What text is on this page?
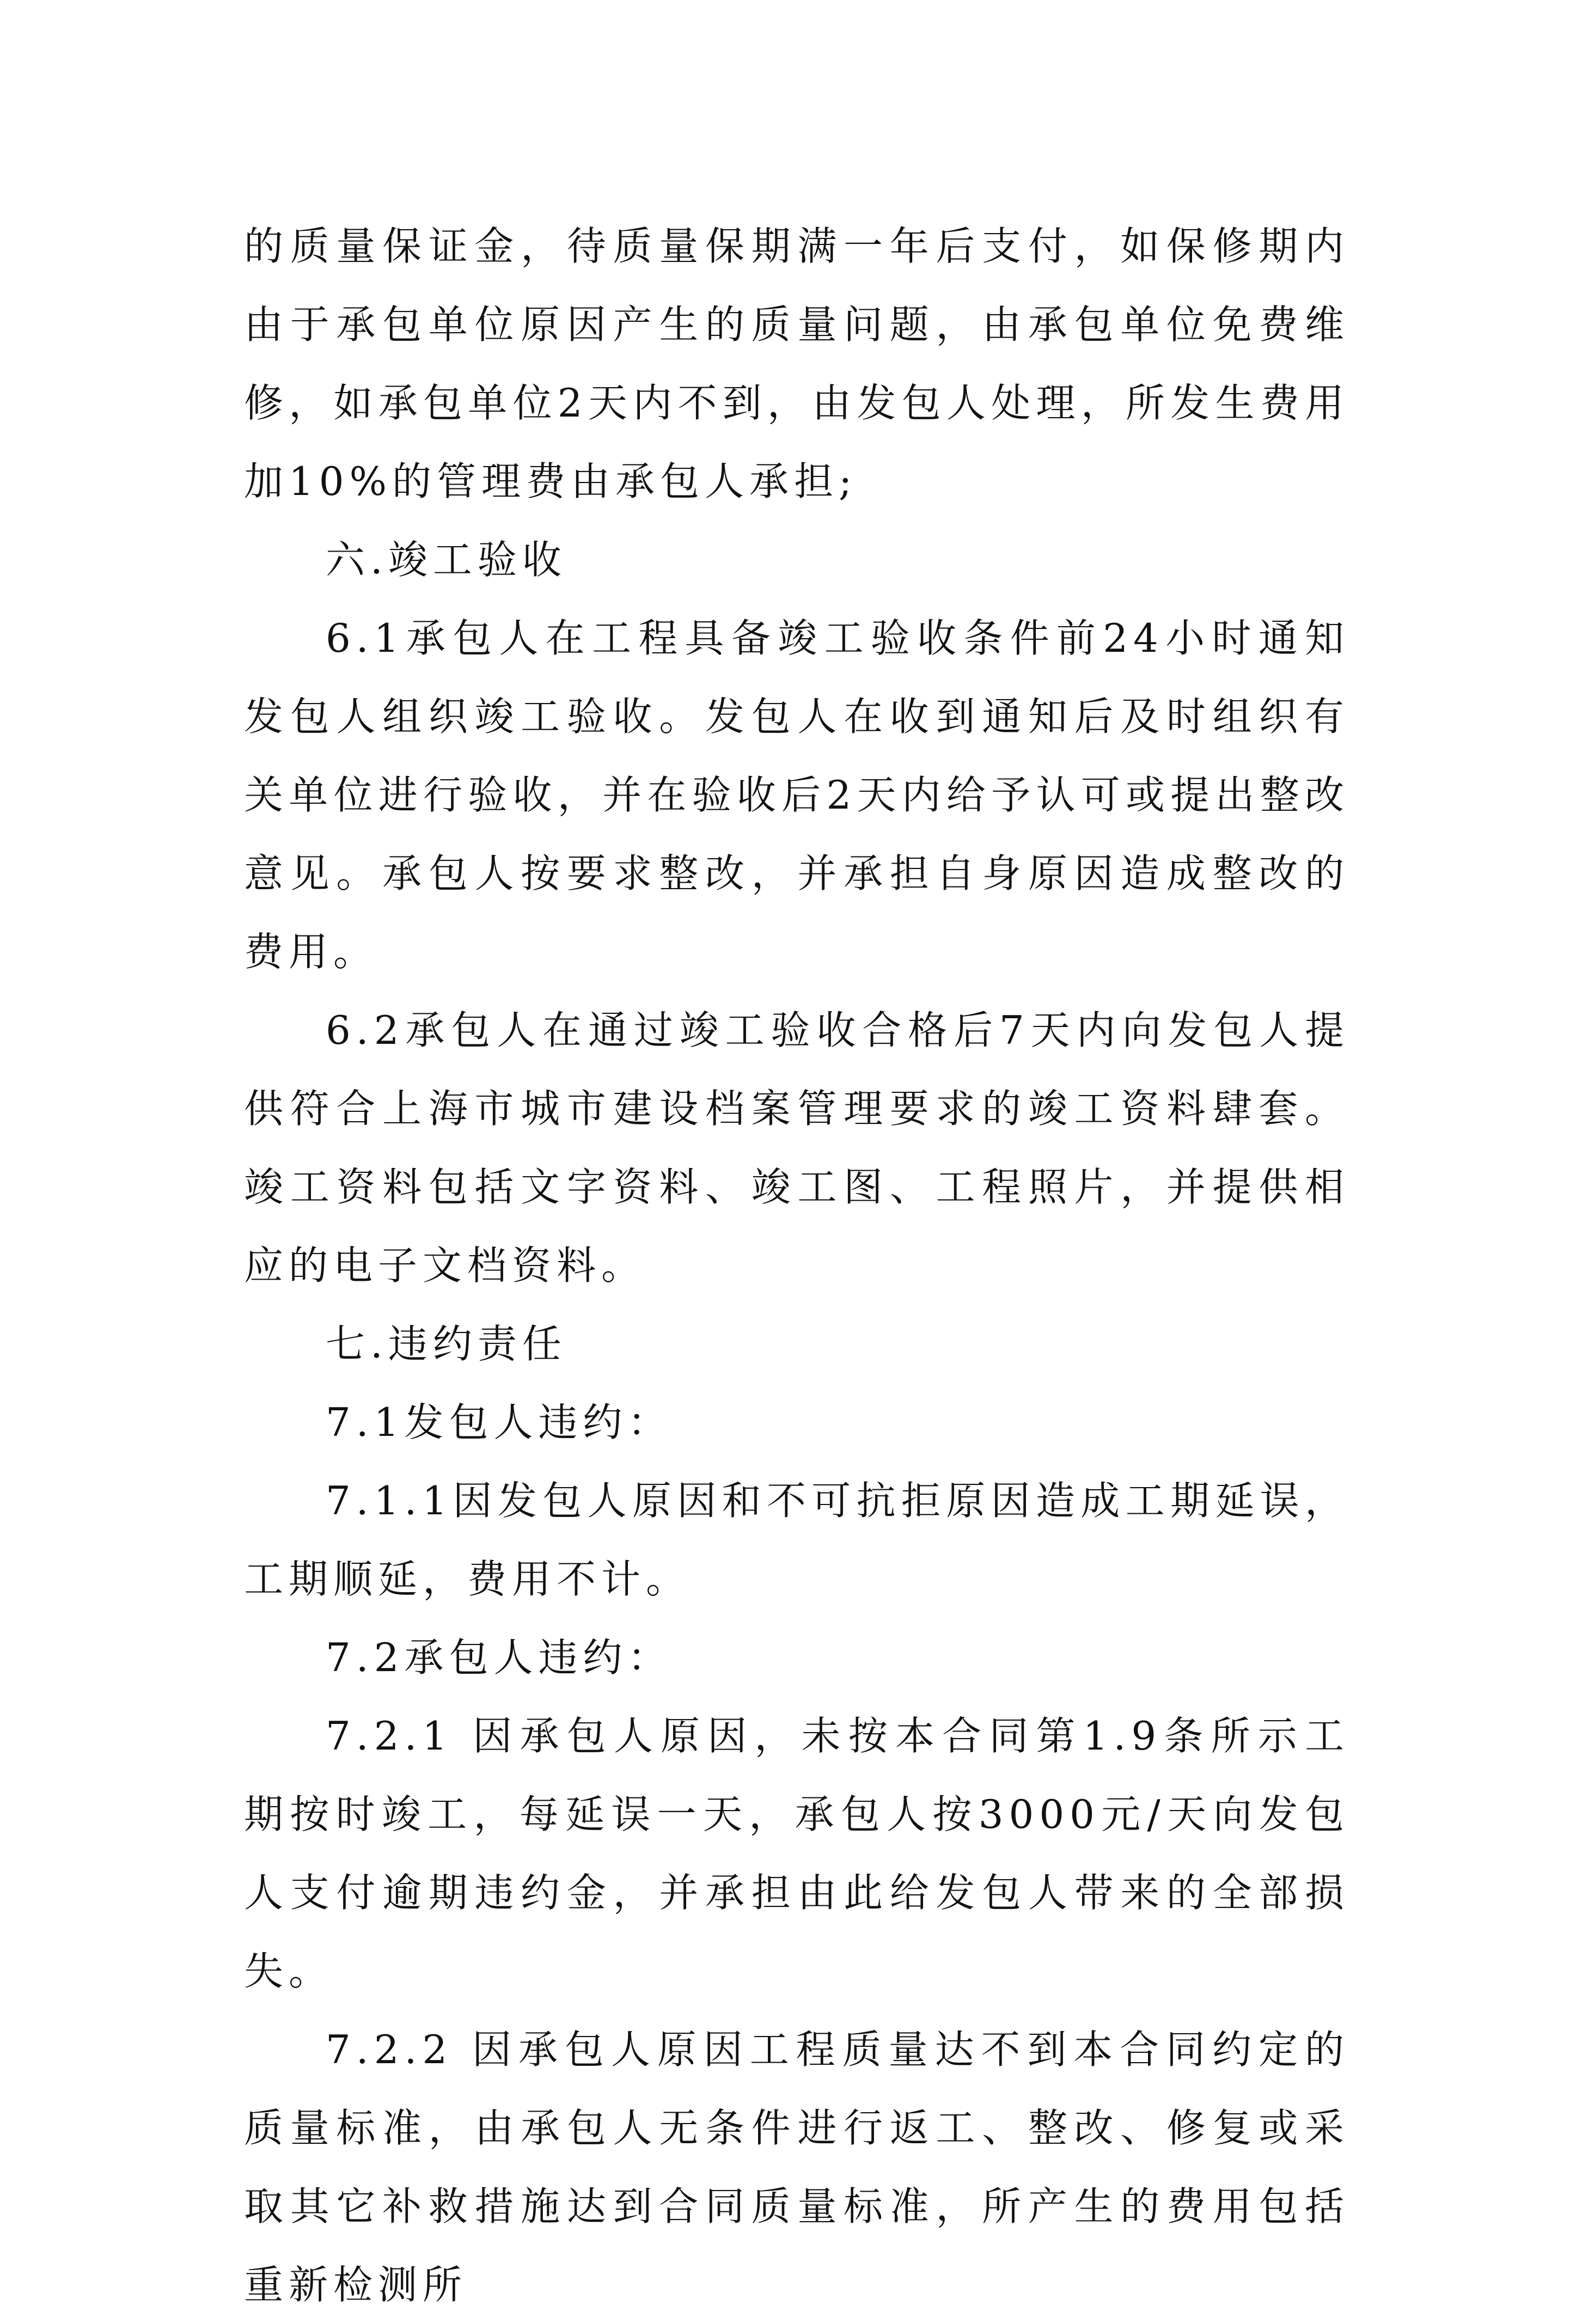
的质量保证金，待质量保期满一年后支付，如保修期内由于承包单位原因产生的质量问题，由承包单位免费维修，如承包单位2天内不到，由发包人处理，所发生费用加10%的管理费由承包人承担;

六.竣工验收

6.1承包人在工程具备竣工验收条件前24小时通知发包人组织竣工验收。发包人在收到通知后及时组织有关单位进行验收，并在验收后2天内给予认可或提出整改意见。承包人按要求整改，并承担自身原因造成整改的费用。

6.2承包人在通过竣工验收合格后7天内向发包人提供符合上海市城市建设档案管理要求的竣工资料肆套。竣工资料包括文字资料、竣工图、工程照片，并提供相应的电子文档资料。

七.违约责任

7.1发包人违约：

7.1.1因发包人原因和不可抗拒原因造成工期延误，工期顺延，费用不计。

7.2承包人违约：

7.2.1 因承包人原因，未按本合同第1.9条所示工期按时竣工，每延误一天，承包人按3000元/天向发包人支付逾期违约金，并承担由此给发包人带来的全部损失。

7.2.2 因承包人原因工程质量达不到本合同约定的质量标准，由承包人无条件进行返工、整改、修复或采取其它补救措施达到合同质量标准，所产生的费用包括重新检测所
